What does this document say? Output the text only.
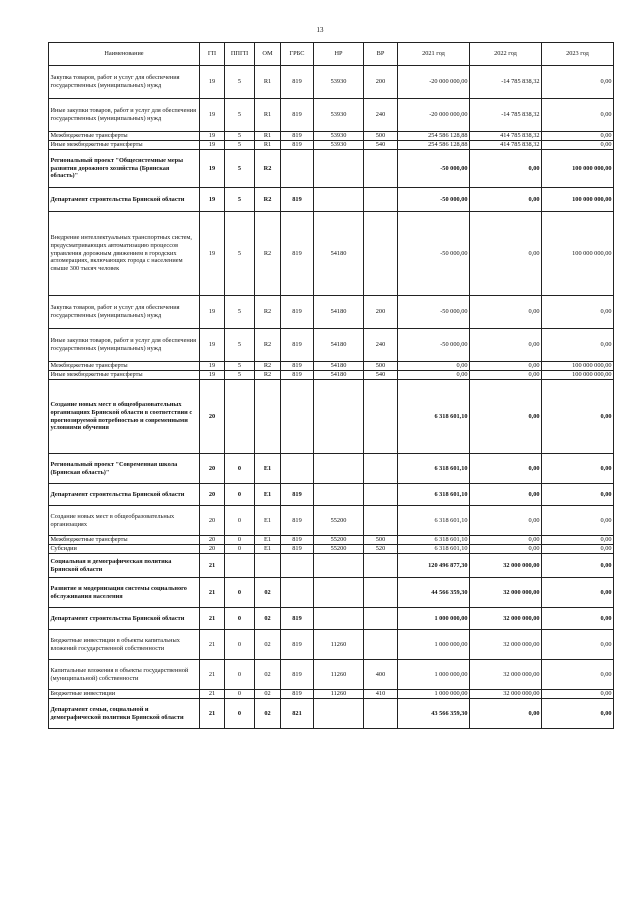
13
Наименование	ГП	ППГП	ОМ	ГРБС	НР	ВР	2021 год	2022 год	2023 год
Закупка товаров, работ и услуг для обеспечения государственных (муниципальных) нужд	19	5	R1	819	53930	200	-20 000 000,00	-14 785 838,32	0,00
Иные закупки товаров, работ и услуг для обеспечения государственных (муниципальных) нужд	19	5	R1	819	53930	240	-20 000 000,00	-14 785 838,32	0,00
Межбюджетные трансферты	19	5	R1	819	53930	500	254 586 128,88	414 785 838,32	0,00
Иные межбюджетные трансферты	19	5	R1	819	53930	540	254 586 128,88	414 785 838,32	0,00
Региональный проект "Общесистемные меры развития дорожного хозяйства (Брянская область)"	19	5	R2				-50 000,00	0,00	100 000 000,00
Департамент строительства Брянской области	19	5	R2	819			-50 000,00	0,00	100 000 000,00
Внедрение интеллектуальных транспортных систем, предусматривающих автоматизацию процессов управления дорожным движением в городских агломерациях, включающих города с населением свыше 300 тысяч человек	19	5	R2	819	54180		-50 000,00	0,00	100 000 000,00
Закупка товаров, работ и услуг для обеспечения государственных (муниципальных) нужд	19	5	R2	819	54180	200	-50 000,00	0,00	0,00
Иные закупки товаров, работ и услуг для обеспечения государственных (муниципальных) нужд	19	5	R2	819	54180	240	-50 000,00	0,00	0,00
Межбюджетные трансферты	19	5	R2	819	54180	500	0,00	0,00	100 000 000,00
Иные межбюджетные трансферты	19	5	R2	819	54180	540	0,00	0,00	100 000 000,00
Создание новых мест в общеобразовательных организациях Брянской области в соответствии с прогнозируемой потребностью и современными условиями обучения	20						6 318 601,10	0,00	0,00
Региональный проект "Современная школа (Брянская область)"	20	0	E1				6 318 601,10	0,00	0,00
Департамент строительства Брянской области	20	0	E1	819			6 318 601,10	0,00	0,00
Создание новых мест в общеобразовательных организациях	20	0	E1	819	55200		6 318 601,10	0,00	0,00
Межбюджетные трансферты	20	0	E1	819	55200	500	6 318 601,10	0,00	0,00
Субсидии	20	0	E1	819	55200	520	6 318 601,10	0,00	0,00
Социальная и демографическая политика Брянской области	21						120 496 877,30	32 000 000,00	0,00
Развитие и модернизация системы социального обслуживания населения	21	0	02				44 566 359,30	32 000 000,00	0,00
Департамент строительства Брянской области	21	0	02	819			1 000 000,00	32 000 000,00	0,00
Бюджетные инвестиции в объекты капитальных вложений государственной собственности	21	0	02	819	11260		1 000 000,00	32 000 000,00	0,00
Капитальные вложения в объекты государственной (муниципальной) собственности	21	0	02	819	11260	400	1 000 000,00	32 000 000,00	0,00
Бюджетные инвестиции	21	0	02	819	11260	410	1 000 000,00	32 000 000,00	0,00
Департамент семьи, социальной и демографической политики Брянской области	21	0	02	821			43 566 359,30	0,00	0,00
